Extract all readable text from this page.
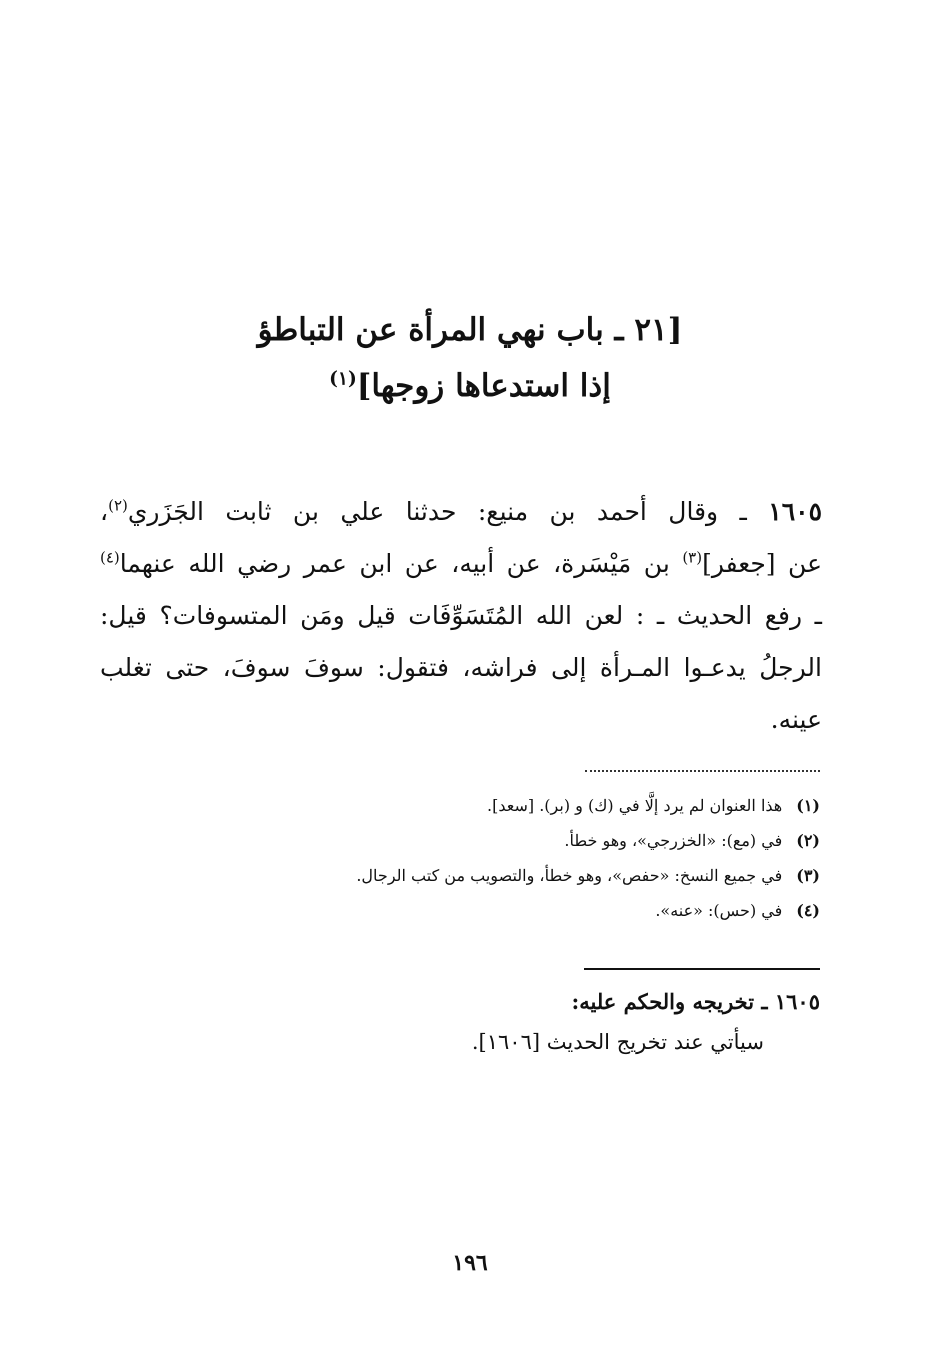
[٢١ ـ باب نهي المرأة عن التباطؤ
إذا استدعاها زوجها]$^{(١)}$
١٦٠٥ ـ وقال أحمد بن منيع: حدثنا علي بن ثابت الجَزَري$^{(٢)}$،
عن [جعفر]$^{(٣)}$ بن مَيْسَرة، عن أبيه، عن ابن عمر رضي الله عنهما$^{(٤)}$
ـ رفع الحديث ـ : لعن الله المُتَسَوِّفَات قيل ومَن المتسوفات؟ قيل:
الرجلُ يدعـوا المـرأة إلى فراشه، فتقول: سوفَ سوفَ، حتى تغلب
عينه.
(١)هذا العنوان لم يرد إلَّا في (ك) و (بر). [سعد].
(٢)في (مع): «الخزرجي»، وهو خطأ.
(٣)في جميع النسخ: «حفص»، وهو خطأ، والتصويب من كتب الرجال.
(٤)في (حس): «عنه».
١٦٠٥ ـ تخريجه والحكم عليه:
سيأتي عند تخريج الحديث [١٦٠٦].
١٩٦
